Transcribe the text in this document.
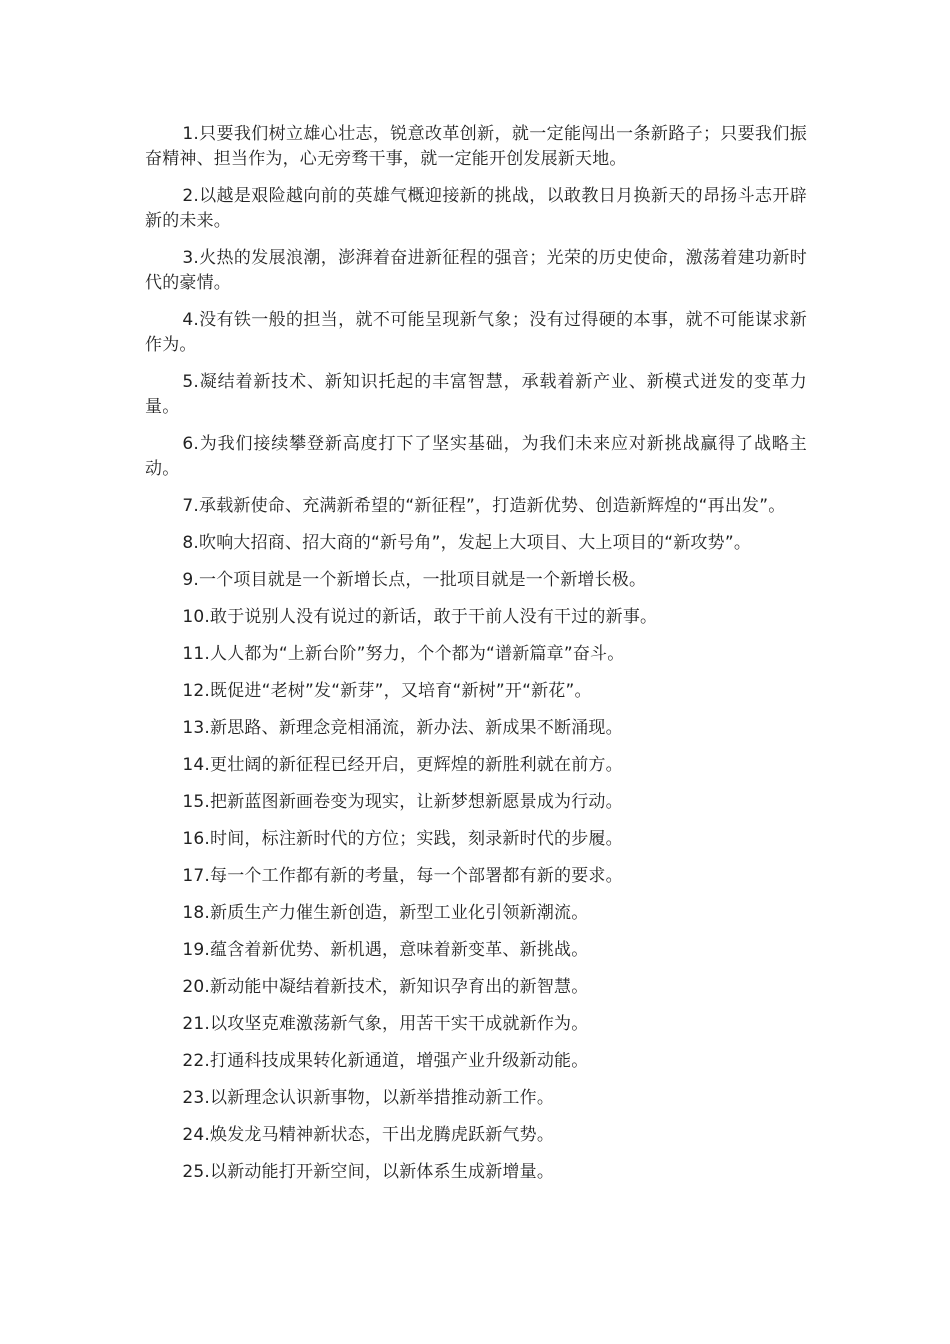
1.只要我们树立雄心壮志，锐意改革创新，就一定能闯出一条新路子；只要我们振奋精神、担当作为，心无旁骛干事，就一定能开创发展新天地。

2.以越是艰险越向前的英雄气概迎接新的挑战，以敢教日月换新天的昂扬斗志开辟新的未来。

3.火热的发展浪潮，澎湃着奋进新征程的强音；光荣的历史使命，激荡着建功新时代的豪情。

4.没有铁一般的担当，就不可能呈现新气象；没有过得硬的本事，就不可能谋求新作为。

5.凝结着新技术、新知识托起的丰富智慧，承载着新产业、新模式迸发的变革力量。

6.为我们接续攀登新高度打下了坚实基础，为我们未来应对新挑战赢得了战略主动。

7.承载新使命、充满新希望的“新征程”，打造新优势、创造新辉煌的“再出发”。

8.吹响大招商、招大商的“新号角”，发起上大项目、大上项目的“新攻势”。

9.一个项目就是一个新增长点，一批项目就是一个新增长极。

10.敢于说别人没有说过的新话，敢于干前人没有干过的新事。

11.人人都为“上新台阶”努力，个个都为“谱新篇章”奋斗。

12.既促进“老树”发“新芽”，又培育“新树”开“新花”。

13.新思路、新理念竞相涌流，新办法、新成果不断涌现。

14.更壮阔的新征程已经开启，更辉煌的新胜利就在前方。

15.把新蓝图新画卷变为现实，让新梦想新愿景成为行动。

16.时间，标注新时代的方位；实践，刻录新时代的步履。

17.每一个工作都有新的考量，每一个部署都有新的要求。

18.新质生产力催生新创造，新型工业化引领新潮流。

19.蕴含着新优势、新机遇，意味着新变革、新挑战。

20.新动能中凝结着新技术，新知识孕育出的新智慧。

21.以攻坚克难激荡新气象，用苦干实干成就新作为。

22.打通科技成果转化新通道，增强产业升级新动能。

23.以新理念认识新事物，以新举措推动新工作。

24.焕发龙马精神新状态，干出龙腾虎跃新气势。

25.以新动能打开新空间，以新体系生成新增量。
